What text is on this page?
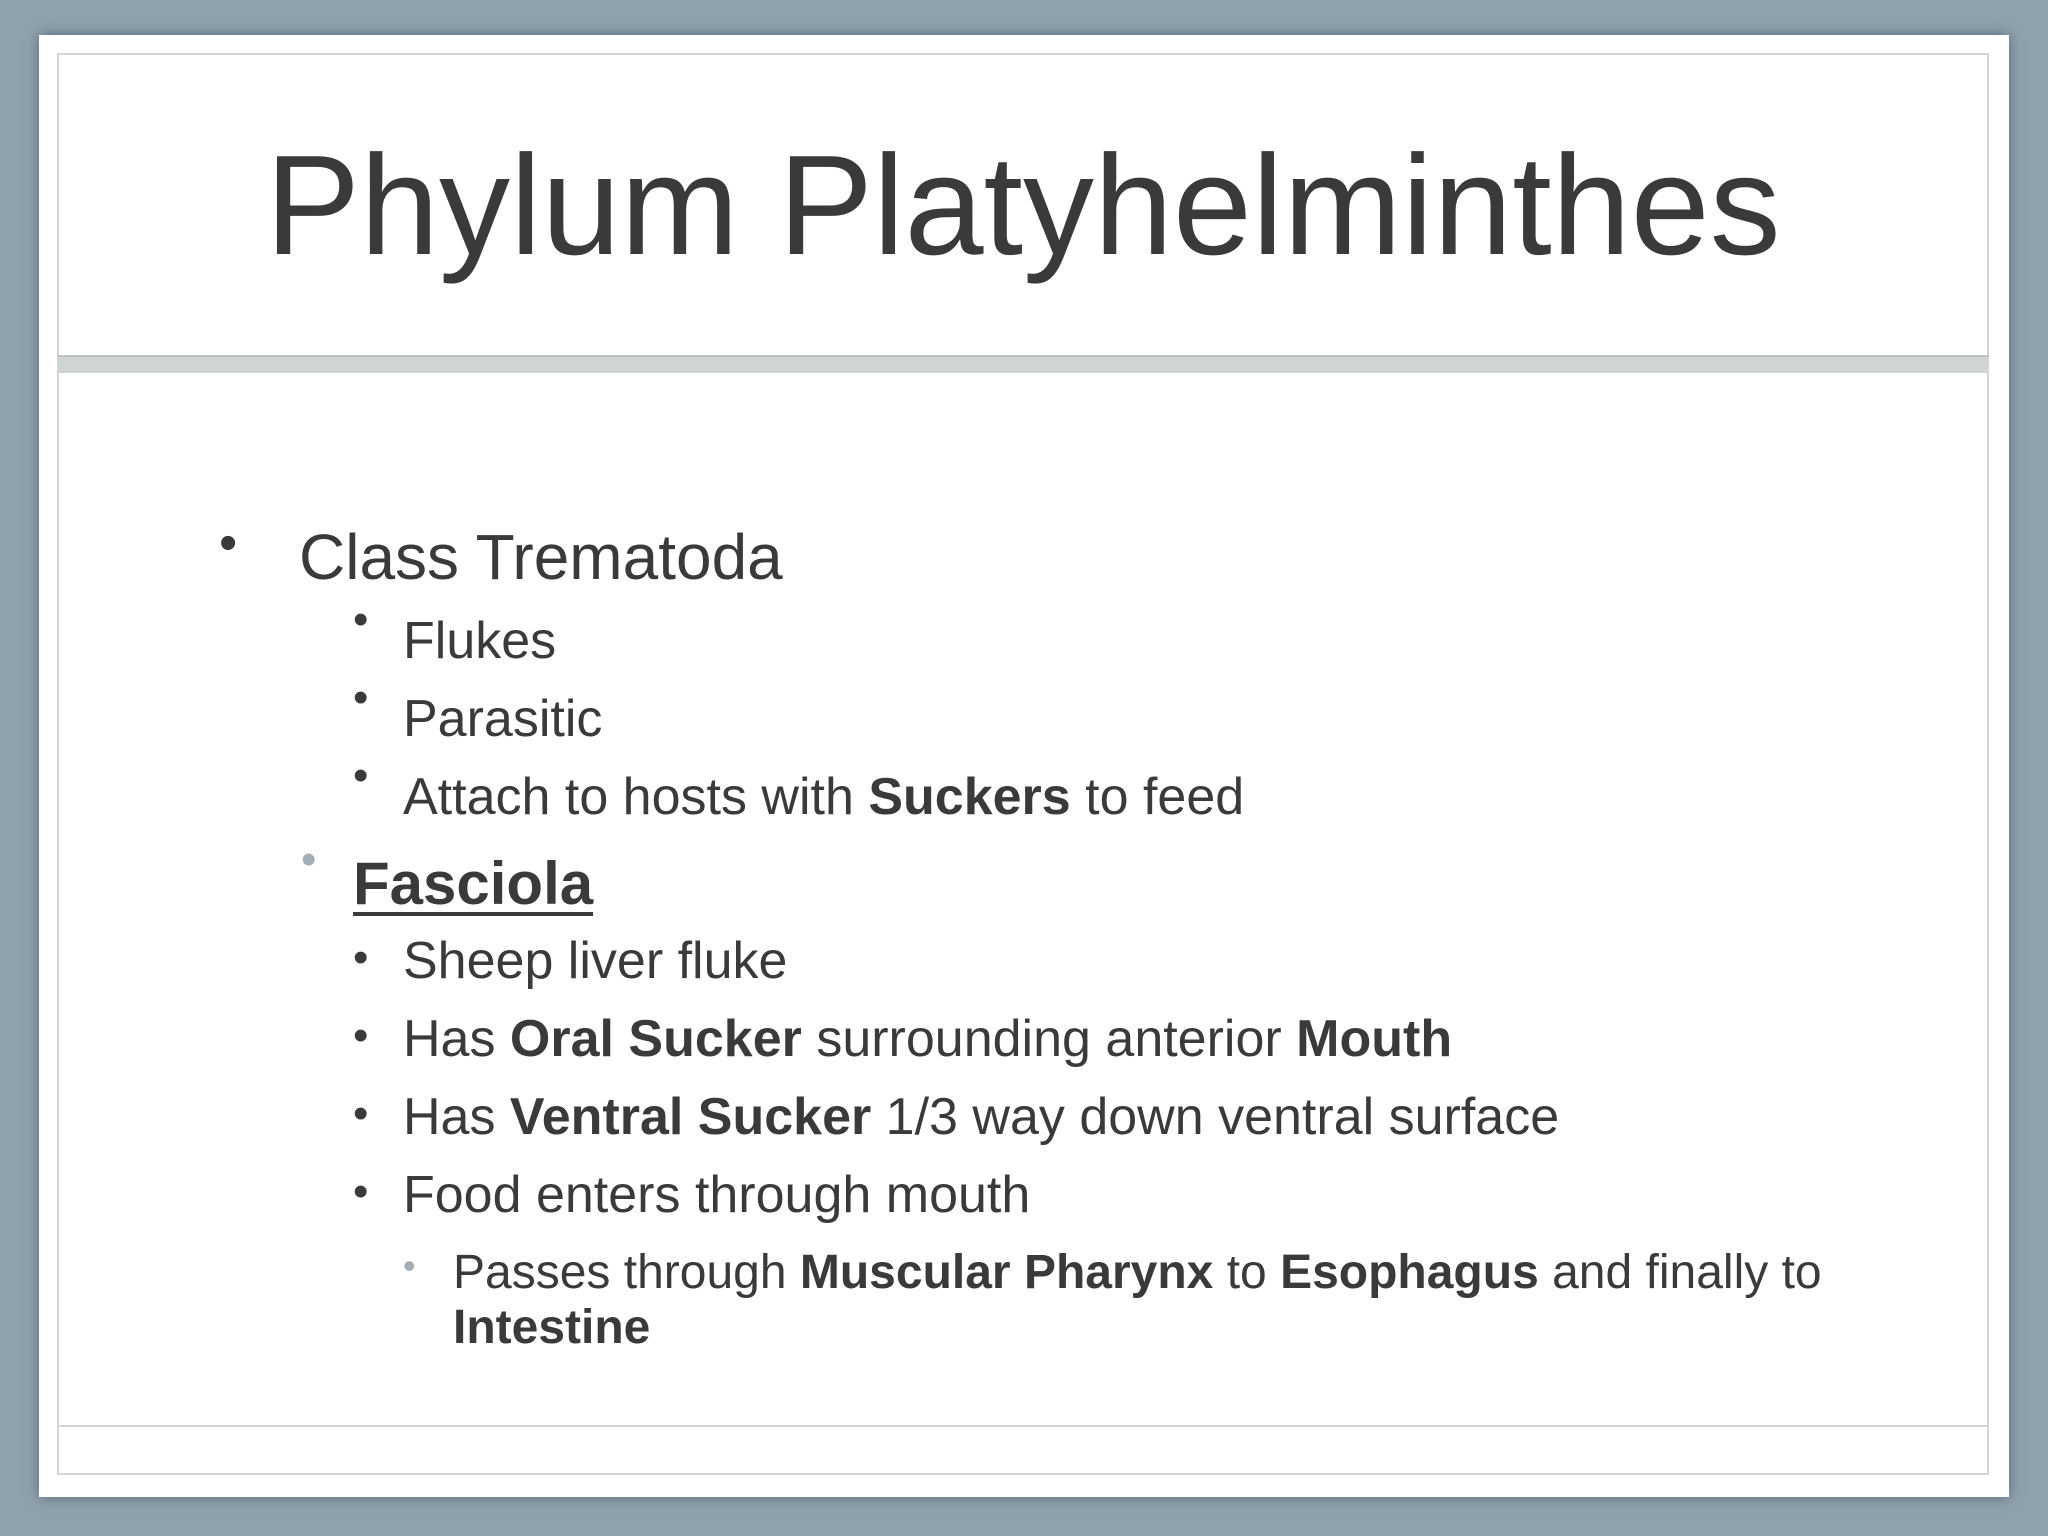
Phylum Platyhelminthes
• Class Trematoda
• Flukes
• Parasitic
• Attach to hosts with Suckers to feed
• Fasciola
• Sheep liver fluke
• Has Oral Sucker surrounding anterior Mouth
• Has Ventral Sucker 1/3 way down ventral surface
• Food enters through mouth
• Passes through Muscular Pharynx to Esophagus and finally to Intestine
